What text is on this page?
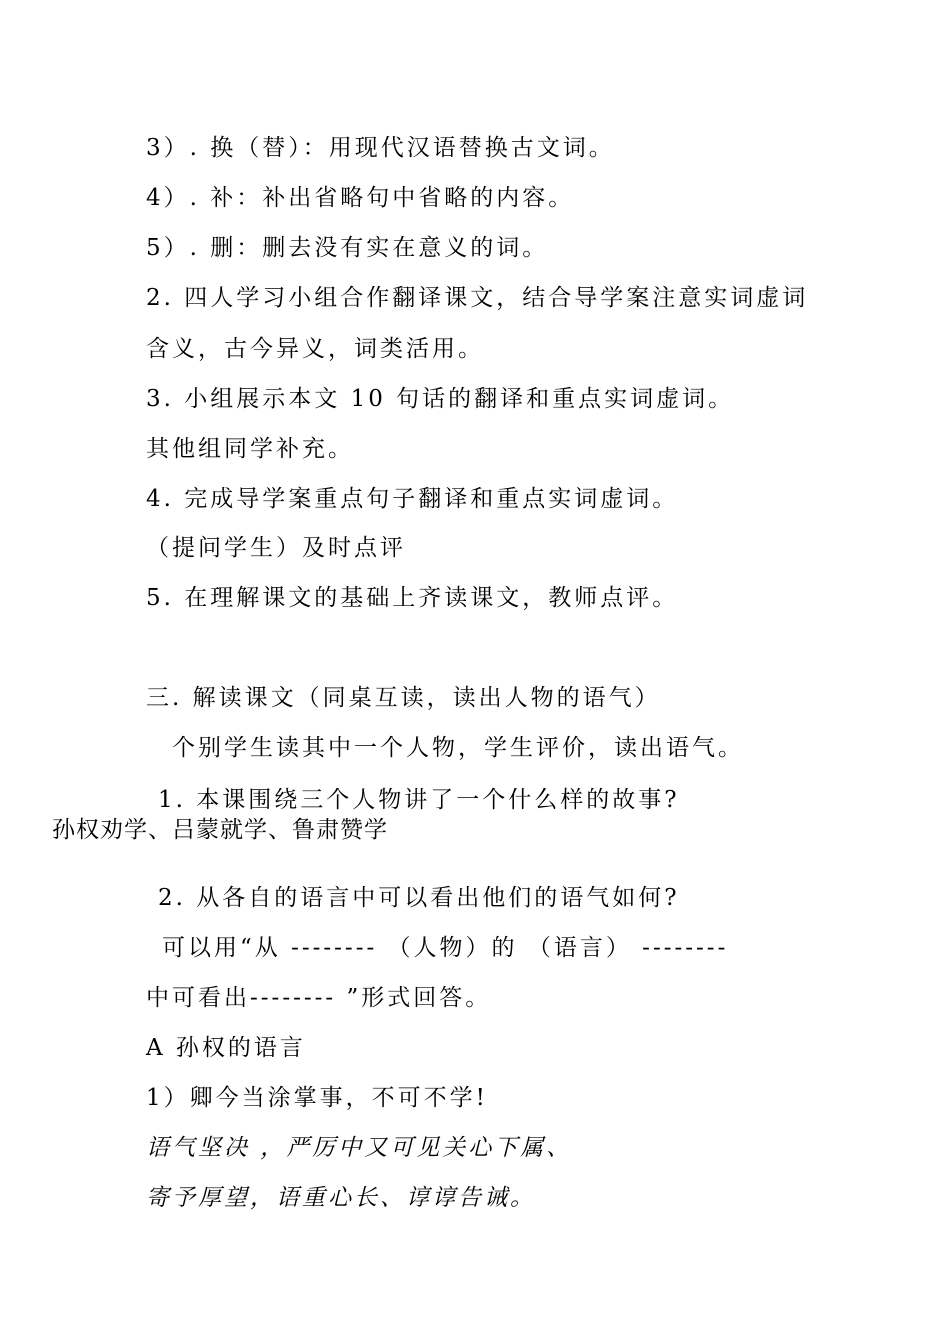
3）. 换（替）：用现代汉语替换古文词。
4）. 补：补出省略句中省略的内容。
5）. 删：删去没有实在意义的词。
2. 四人学习小组合作翻译课文，结合导学案注意实词虚词
含义，古今异义，词类活用。
3. 小组展示本文 10 句话的翻译和重点实词虚词。
其他组同学补充。
4. 完成导学案重点句子翻译和重点实词虚词。
（提问学生）及时点评
5. 在理解课文的基础上齐读课文，教师点评。
三. 解读课文（同桌互读，读出人物的语气）
个别学生读其中一个人物，学生评价，读出语气。
1. 本课围绕三个人物讲了一个什么样的故事?
孙权劝学、吕蒙就学、鲁肃赞学
2. 从各自的语言中可以看出他们的语气如何?
可以用“从 -------- （人物）的 （语言） --------
中可看出-------- ”形式回答。
A 孙权的语言
1）卿今当涂掌事，不可不学!
语气坚决 ，严厉中又可见关心下属、
寄予厚望，语重心长、谆谆告诫。
